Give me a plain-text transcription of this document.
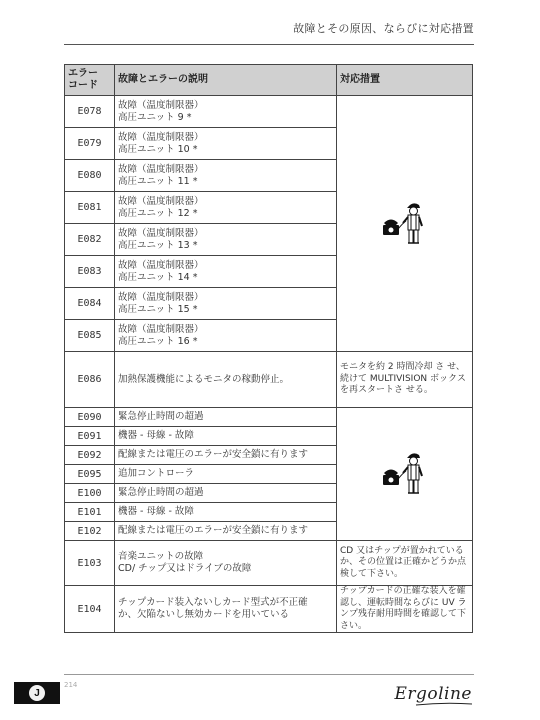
故障とその原因、ならびに対応措置
エラー
コード	故障とエラーの説明	対応措置
E078	故障（温度制限器）
高圧ユニット 9 *

E079	故障（温度制限器）
高圧ユニット 10 *	

E080	故障（温度制限器）
高圧ユニット 11 *	

E081	故障（温度制限器）
高圧ユニット 12 *	

E082	故障（温度制限器）
高圧ユニット 13 *	

E083	故障（温度制限器）
高圧ユニット 14 *	

E084	故障（温度制限器）
高圧ユニット 15 *	

E085	故障（温度制限器）
高圧ユニット 16 *	

E086	加熱保護機能によるモニタの稼動停止。	モニタを約 2 時間冷却 さ せ、続けて MULTIVISION ボックスを再スタートさ せる。
E090	緊急停止時間の超過

E091	機器 - 母線 - 故障	

E092	配線または電圧のエラーが安全鎖に有ります	

E095	追加コントローラ	

E100	緊急停止時間の超過	

E101	機器 - 母線 - 故障	

E102	配線または電圧のエラーが安全鎖に有ります	

E103	音楽ユニットの故障
CD/ チップ又はドライブの故障	CD 又はチップが置かれているか、その位置は正確かどうか点検して下さい。
E104	チップカード装入ないしカード型式が不正確
か、欠陥ないし無効カードを用いている	チップカードの正確な装入を確認し、運転時間ならびに UV ランプ残存耐用時間を確認して下さい。
J
214	Ergoline
